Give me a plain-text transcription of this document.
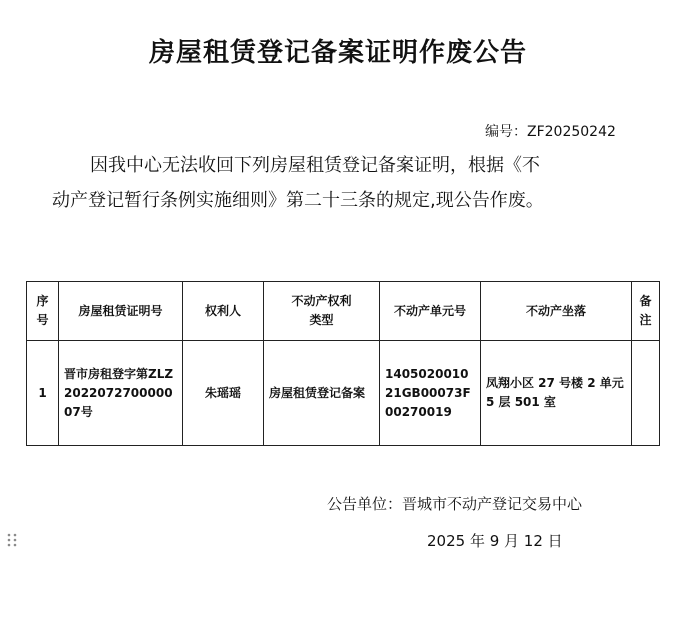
房屋租赁登记备案证明作废公告
编号：ZF20250242
因我中心无法收回下列房屋租赁登记备案证明，根据《不
动产登记暂行条例实施细则》第二十三条的规定,现公告作废。
序号	房屋租赁证明号	权利人	不动产权利类型	不动产单元号	不动产坐落	备注
1	晋市房租登字第ZLZ202207270000007号	朱瑶瑶	房屋租赁登记备案	140502001021GB00073F00270019	凤翔小区 27 号楼 2 单元 5 层 501 室	
公告单位：晋城市不动产登记交易中心
2025 年 9 月 12 日
